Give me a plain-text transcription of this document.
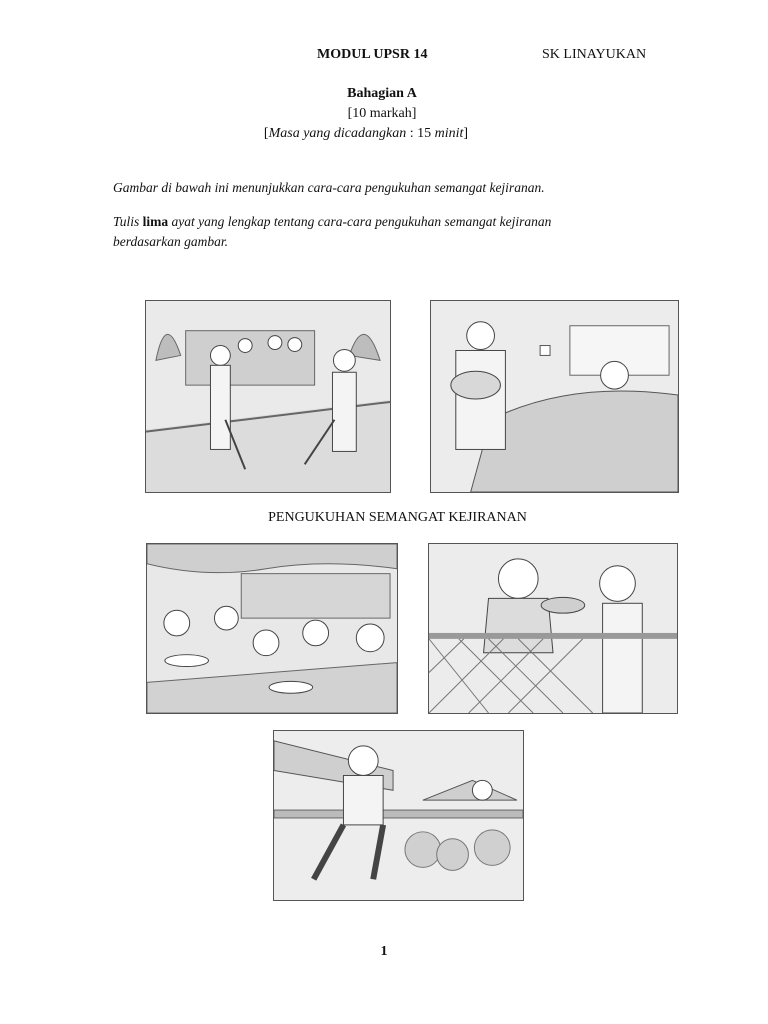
MODUL UPSR 14	SK LINAYUKAN
Bahagian A
[10 markah]
[Masa yang dicadangkan : 15 minit]
Gambar di bawah ini menunjukkan cara-cara pengukuhan semangat kejiranan.
Tulis lima ayat yang lengkap tentang cara-cara pengukuhan semangat kejiranan
berdasarkan gambar.
PENGUKUHAN SEMANGAT KEJIRANAN
1
